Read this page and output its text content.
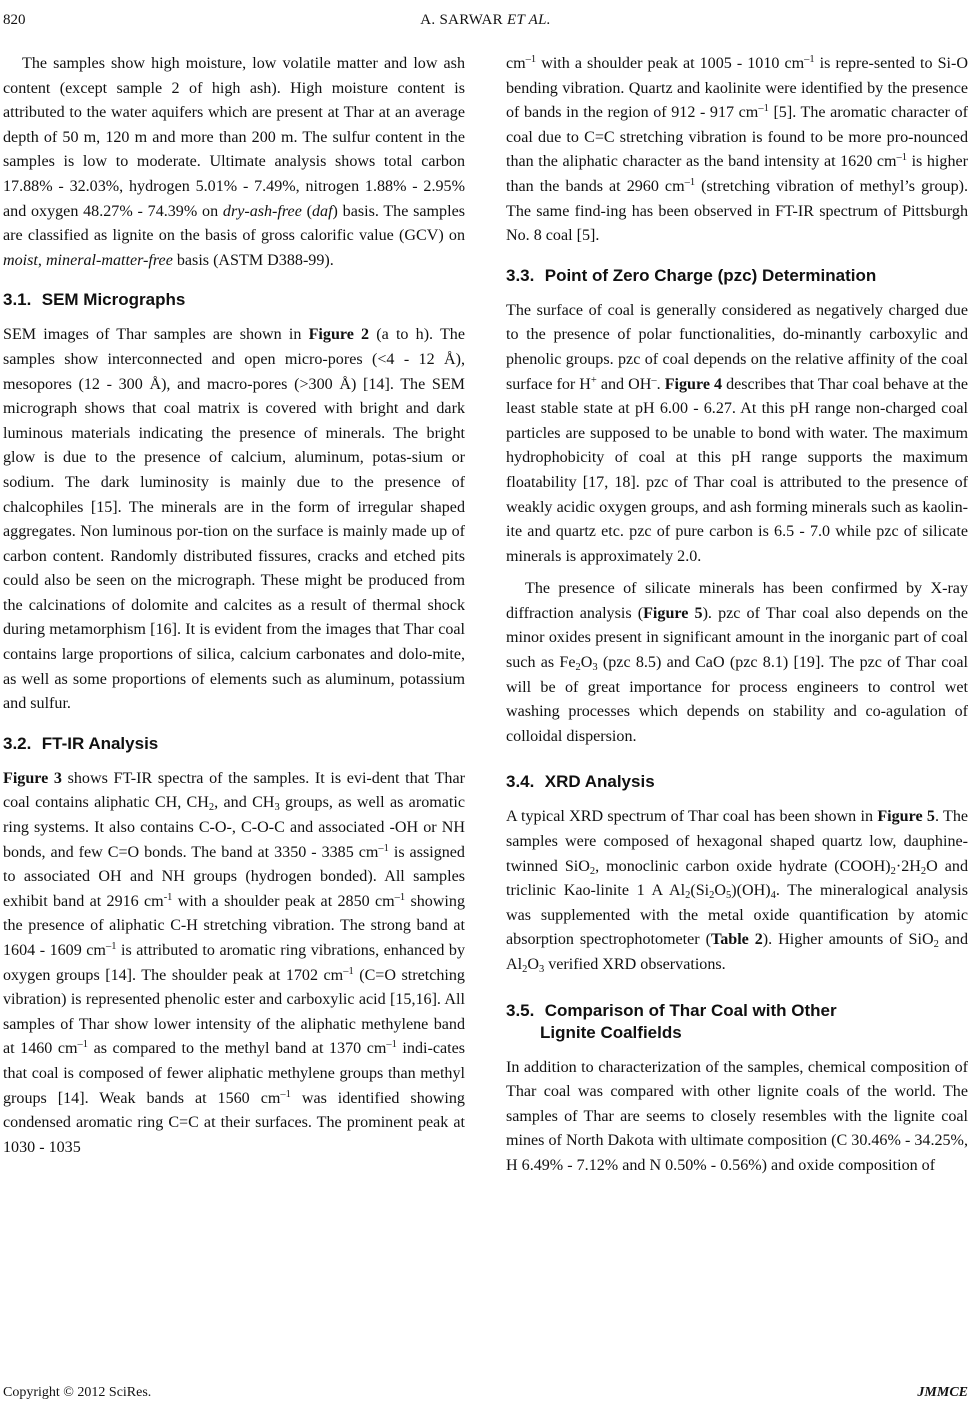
820	A. SARWAR ET AL.

The samples show high moisture, low volatile matter and low ash content (except sample 2 of high ash). High moisture content is attributed to the water aquifers which are present at Thar at an average depth of 50 m, 120 m and more than 200 m. The sulfur content in the samples is low to moderate. Ultimate analysis shows total carbon 17.88% - 32.03%, hydrogen 5.01% - 7.49%, nitrogen 1.88% - 2.95% and oxygen 48.27% - 74.39% on dry-ash-free (daf) basis. The samples are classified as lignite on the basis of gross calorific value (GCV) on moist, mineral-matter-free basis (ASTM D388-99).

3.1. SEM Micrographs

SEM images of Thar samples are shown in Figure 2 (a to h). The samples show interconnected and open micro-pores (<4 - 12 Å), mesopores (12 - 300 Å), and macro-pores (>300 Å) [14]. The SEM micrograph shows that coal matrix is covered with bright and dark luminous materials indicating the presence of minerals. The bright glow is due to the presence of calcium, aluminum, potas-sium or sodium. The dark luminosity is mainly due to the presence of chalcophiles [15]. The minerals are in the form of irregular shaped aggregates. Non luminous por-tion on the surface is mainly made up of carbon content. Randomly distributed fissures, cracks and etched pits could also be seen on the micrograph. These might be produced from the calcinations of dolomite and calcites as a result of thermal shock during metamorphism [16]. It is evident from the images that Thar coal contains large proportions of silica, calcium carbonates and dolo-mite, as well as some proportions of elements such as aluminum, potassium and sulfur.

3.2. FT-IR Analysis

Figure 3 shows FT-IR spectra of the samples. It is evi-dent that Thar coal contains aliphatic CH, $CH_2$, and $CH_3$ groups, as well as aromatic ring systems. It also contains C-O-, C-O-C and associated -OH or NH bonds, and few C=O bonds. The band at 3350 - 3385 $cm^{-1}$ is assigned to associated OH and NH groups (hydrogen bonded). All samples exhibit band at 2916 $cm^{-1}$ with a shoulder peak at 2850 $cm^{-1}$ showing the presence of aliphatic C-H stretching vibration. The strong band at 1604 - 1609 $cm^{-1}$ is attributed to aromatic ring vibrations, enhanced by oxygen groups [14]. The shoulder peak at 1702 $cm^{-1}$ (C=O stretching vibration) is represented phenolic ester and carboxylic acid [15,16]. All samples of Thar show lower intensity of the aliphatic methylene band at 1460 $cm^{-1}$ as compared to the methyl band at 1370 $cm^{-1}$ indi-cates that coal is composed of fewer aliphatic methylene groups than methyl groups [14]. Weak bands at 1560 $cm^{-1}$ was identified showing condensed aromatic ring C=C at their surfaces. The prominent peak at 1030 - 1035

$cm^{-1}$ with a shoulder peak at 1005 - 1010 $cm^{-1}$ is repre-sented to Si-O bending vibration. Quartz and kaolinite were identified by the presence of bands in the region of 912 - 917 $cm^{-1}$ [5]. The aromatic character of coal due to C=C stretching vibration is found to be more pro-nounced than the aliphatic character as the band intensity at 1620 $cm^{-1}$ is higher than the bands at 2960 $cm^{-1}$ (stretching vibration of methyl’s group). The same find-ing has been observed in FT-IR spectrum of Pittsburgh No. 8 coal [5].

3.3. Point of Zero Charge (pzc) Determination

The surface of coal is generally considered as negatively charged due to the presence of polar functionalities, do-minantly carboxylic and phenolic groups. pzc of coal depends on the relative affinity of the coal surface for H+ and OH–. Figure 4 describes that Thar coal behave at the least stable state at pH 6.00 - 6.27. At this pH range non-charged coal particles are supposed to be unable to bond with water. The maximum hydrophobicity of coal at this pH range supports the maximum floatability [17, 18]. pzc of Thar coal is attributed to the presence of weakly acidic oxygen groups, and ash forming minerals such as kaolin-ite and quartz etc. pzc of pure carbon is 6.5 - 7.0 while pzc of silicate minerals is approximately 2.0.

The presence of silicate minerals has been confirmed by X-ray diffraction analysis (Figure 5). pzc of Thar coal also depends on the minor oxides present in significant amount in the inorganic part of coal such as $Fe_2O_3$ (pzc 8.5) and CaO (pzc 8.1) [19]. The pzc of Thar coal will be of great importance for process engineers to control wet washing processes which depends on stability and co-agulation of colloidal dispersion.

3.4. XRD Analysis

A typical XRD spectrum of Thar coal has been shown in Figure 5. The samples were composed of hexagonal shaped quartz low, dauphine-twinned SiO$_2$, monoclinic carbon oxide hydrate $(COOH)_2\cdot 2H_2O$ and triclinic Kao-linite 1 A $Al_2(Si_2O_5)(OH)_4$. The mineralogical analysis was supplemented with the metal oxide quantification by atomic absorption spectrophotometer (Table 2). Higher amounts of SiO$_2$ and $Al_2O_3$ verified XRD observations.

3.5. Comparison of Thar Coal with Other
Lignite Coalfields

In addition to characterization of the samples, chemical composition of Thar coal was compared with other lignite coals of the world. The samples of Thar are seems to closely resembles with the lignite coal mines of North Dakota with ultimate composition (C 30.46% - 34.25%, H 6.49% - 7.12% and N 0.50% - 0.56%) and oxide composition of

Copyright © 2012 SciRes.	JMMCE
